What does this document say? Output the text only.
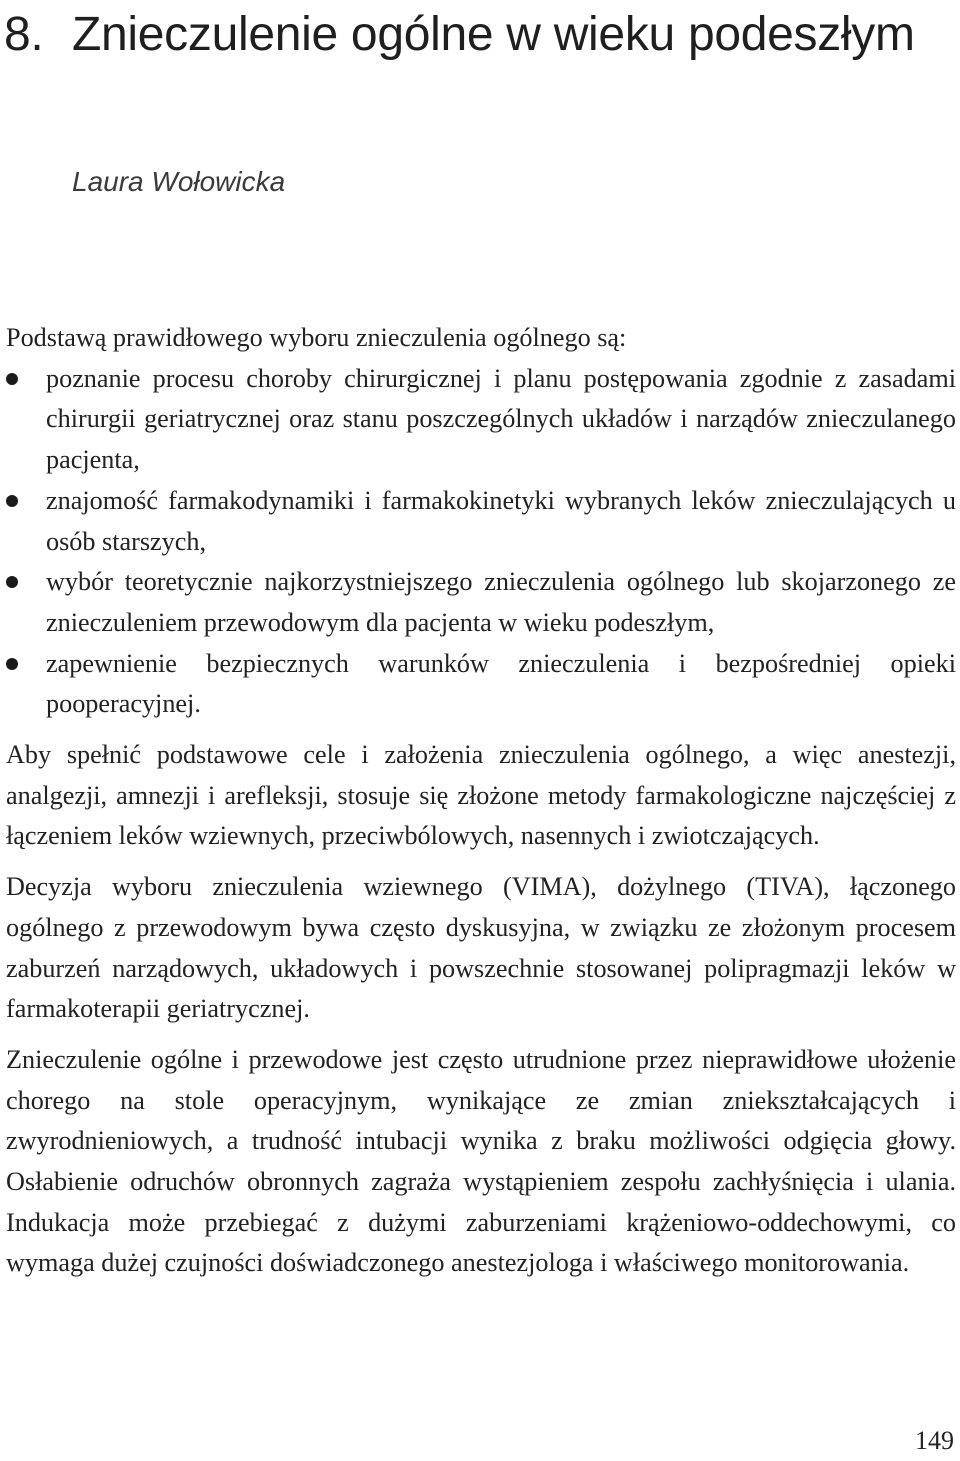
8. Znieczulenie ogólne w wieku podeszłym

Laura Wołowicka

Podstawą prawidłowego wyboru znieczulenia ogólnego są:

poznanie procesu choroby chirurgicznej i planu postępowania zgodnie z zasadami chirurgii geriatrycznej oraz stanu poszczególnych układów i narządów znieczulanego pacjenta,
znajomość farmakodynamiki i farmakokinetyki wybranych leków znieczulających u osób starszych,
wybór teoretycznie najkorzystniejszego znieczulenia ogólnego lub skojarzonego ze znieczuleniem przewodowym dla pacjenta w wieku podeszłym,
zapewnienie bezpiecznych warunków znieczulenia i bezpośredniej opieki pooperacyjnej.

Aby spełnić podstawowe cele i założenia znieczulenia ogólnego, a więc anestezji, analgezji, amnezji i arefleksji, stosuje się złożone metody farmakologiczne najczęściej z łączeniem leków wziewnych, przeciwbólowych, nasennych i zwiotczających.

Decyzja wyboru znieczulenia wziewnego (VIMA), dożylnego (TIVA), łączonego ogólnego z przewodowym bywa często dyskusyjna, w związku ze złożonym procesem zaburzeń narządowych, układowych i powszechnie stosowanej polipragmazji leków w farmakoterapii geriatrycznej.

Znieczulenie ogólne i przewodowe jest często utrudnione przez nieprawidłowe ułożenie chorego na stole operacyjnym, wynikające ze zmian zniekształcających i zwyrodnieniowych, a trudność intubacji wynika z braku możliwości odgięcia głowy. Osłabienie odruchów obronnych zagraża wystąpieniem zespołu zachłyśnięcia i ulania. Indukacja może przebiegać z dużymi zaburzeniami krążeniowo-oddechowymi, co wymaga dużej czujności doświadczonego anestezjologa i właściwego monitorowania.

149
